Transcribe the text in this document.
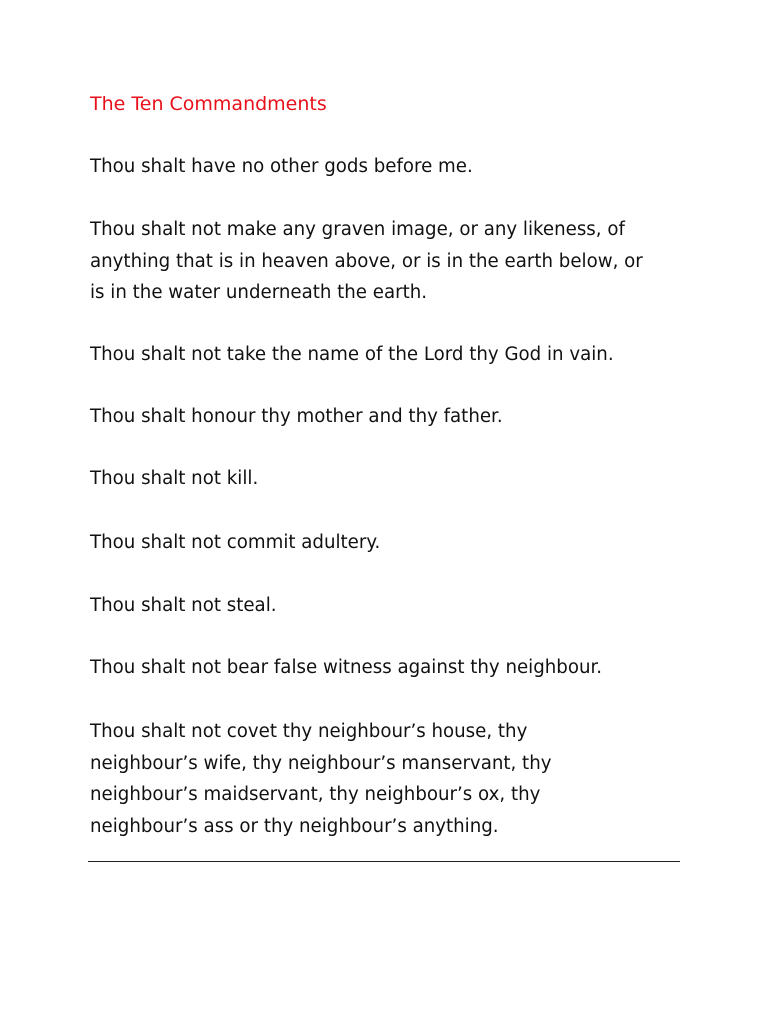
The Ten Commandments
Thou shalt have no other gods before me.
Thou shalt not make any graven image, or any likeness, of
anything that is in heaven above, or is in the earth below, or
is in the water underneath the earth.
Thou shalt not take the name of the Lord thy God in vain.
Thou shalt honour thy mother and thy father.
Thou shalt not kill.
Thou shalt not commit adultery.
Thou shalt not steal.
Thou shalt not bear false witness against thy neighbour.
Thou shalt not covet thy neighbour’s house, thy
neighbour’s wife, thy neighbour’s manservant, thy
neighbour’s maidservant, thy neighbour’s ox, thy
neighbour’s ass or thy neighbour’s anything.
